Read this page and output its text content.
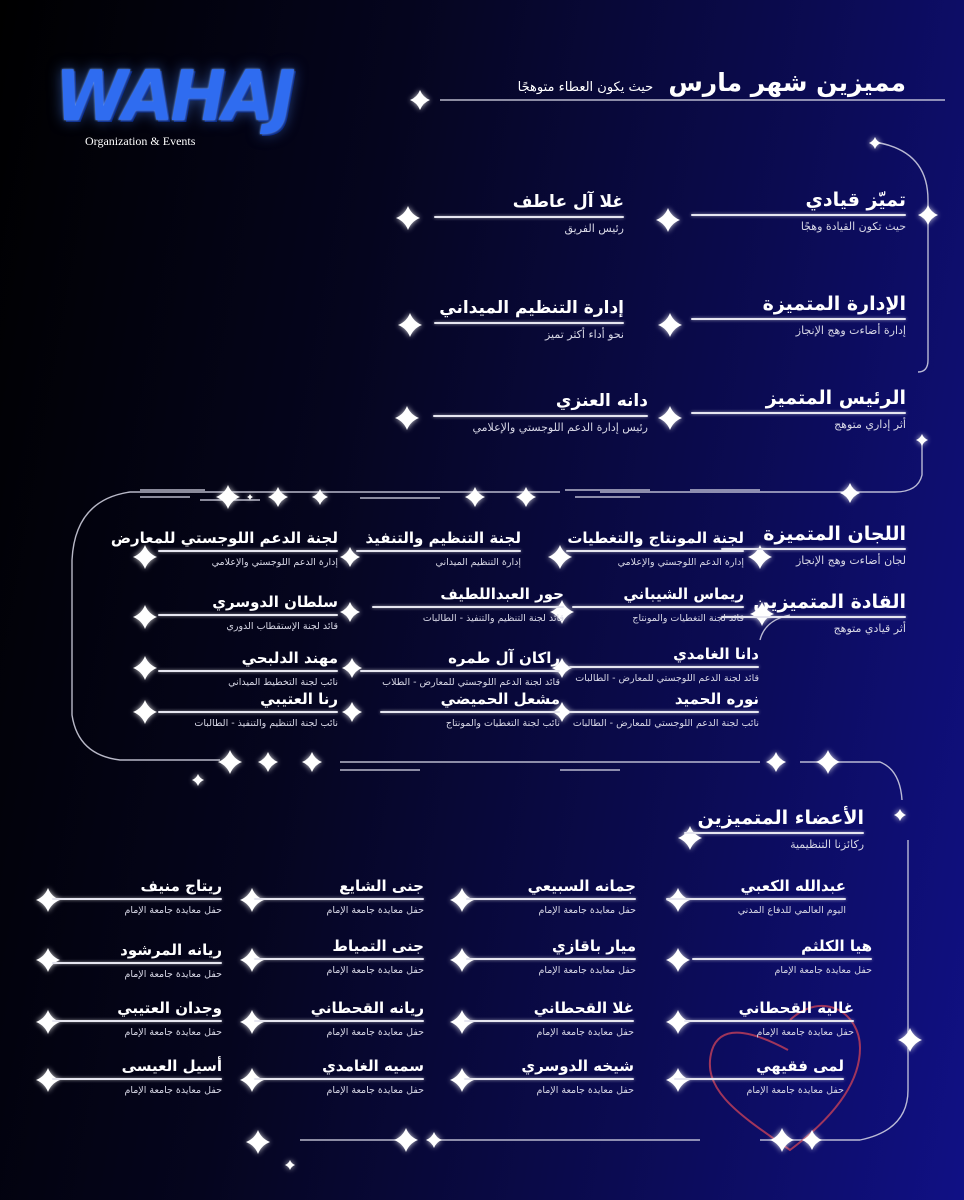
WAHAJ
Organization & Events
مميزين شهر مارس حيث يكون العطاء متوهجًا
تميّز قيادي
حيث تكون القيادة وهجًا
غلا آل عاطف
رئيس الفريق
الإدارة المتميزة
إدارة أضاءت وهج الإنجاز
إدارة التنظيم الميداني
نحو أداء أكثر تميز
الرئيس المتميز
أثر إداري متوهج
دانه العنزي
رئيس إدارة الدعم اللوجستي والإعلامي
اللجان المتميزة
لجان أضاءت وهج الإنجاز
لجنة المونتاج والتغطيات
إدارة الدعم اللوجستي والإعلامي
لجنة التنظيم والتنفيذ
إدارة التنظيم الميداني
لجنة الدعم اللوجستي للمعارض
إدارة الدعم اللوجستي والإعلامي
القادة المتميزين
أثر قيادي متوهج
ريماس الشيباني
قائد لجنة التغطيات والمونتاج
حور العبداللطيف
قائد لجنة التنظيم والتنفيذ - الطالبات
سلطان الدوسري
قائد لجنة الإستقطاب الدوري
دانا الغامدي
قائد لجنة الدعم اللوجستي للمعارض - الطالبات
راكان آل طمره
قائد لجنة الدعم اللوجستي للمعارض - الطلاب
مهند الدلبحي
نائب لجنة التخطيط الميداني
نوره الحميد
نائب لجنة الدعم اللوجستي للمعارض - الطالبات
مشعل الحميضي
نائب لجنة التغطيات والمونتاج
رنا العتيبي
نائب لجنة التنظيم والتنفيذ - الطالبات
الأعضاء المتميزين
ركائزنا التنظيمية
عبدالله الكعبي
اليوم العالمي للدفاع المدني
جمانه السبيعي
حفل معايدة جامعة الإمام
جنى الشايع
حفل معايدة جامعة الإمام
ريتاج منيف
حفل معايدة جامعة الإمام
هيا الكلثم
حفل معايدة جامعة الإمام
ميار باقازي
حفل معايدة جامعة الإمام
جنى التمياط
حفل معايدة جامعة الإمام
ريانه المرشود
حفل معايدة جامعة الإمام
غاليه القحطاني
حفل معايدة جامعة الإمام
غلا القحطاني
حفل معايدة جامعة الإمام
ريانه القحطاني
حفل معايدة جامعة الإمام
وجدان العتيبي
حفل معايدة جامعة الإمام
لمى فقيهي
حفل معايدة جامعة الإمام
شيخه الدوسري
حفل معايدة جامعة الإمام
سميه الغامدي
حفل معايدة جامعة الإمام
أسيل العيسى
حفل معايدة جامعة الإمام
